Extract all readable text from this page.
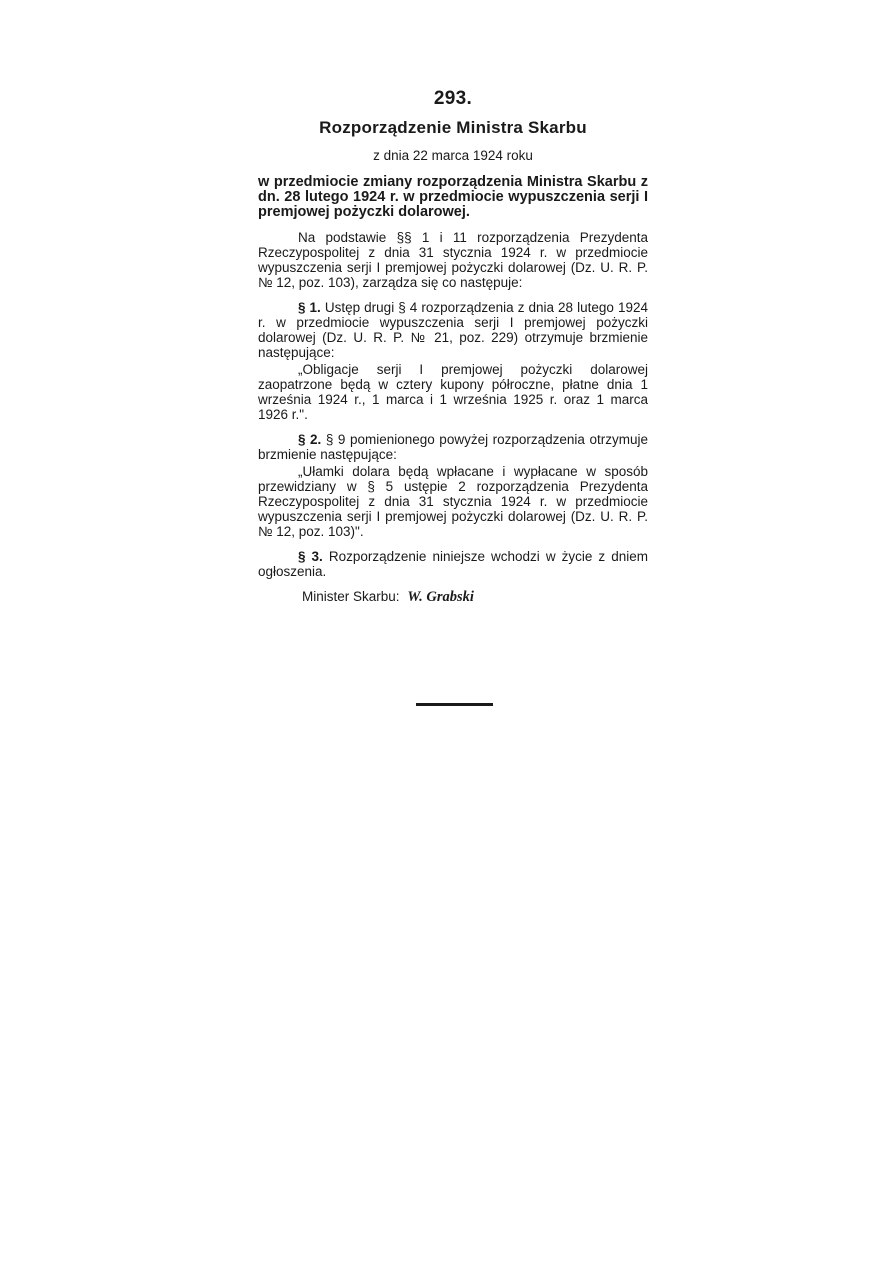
293.
Rozporządzenie Ministra Skarbu
z dnia 22 marca 1924 roku
w przedmiocie zmiany rozporządzenia Ministra Skarbu z dn. 28 lutego 1924 r. w przedmiocie wypuszczenia serji I premjowej pożyczki dolarowej.

Na podstawie §§ 1 i 11 rozporządzenia Prezydenta Rzeczypospolitej z dnia 31 stycznia 1924 r. w przedmiocie wypuszczenia serji I premjowej pożyczki dolarowej (Dz. U. R. P. № 12, poz. 103), zarządza się co następuje:

§ 1. Ustęp drugi § 4 rozporządzenia z dnia 28 lutego 1924 r. w przedmiocie wypuszczenia serji I premjowej pożyczki dolarowej (Dz. U. R. P. № 21, poz. 229) otrzymuje brzmienie następujące:

„Obligacje serji I premjowej pożyczki dolarowej zaopatrzone będą w cztery kupony półroczne, płatne dnia 1 września 1924 r., 1 marca i 1 września 1925 r. oraz 1 marca 1926 r.".

§ 2. § 9 pomienionego powyżej rozporządzenia otrzymuje brzmienie następujące:

„Ułamki dolara będą wpłacane i wypłacane w sposób przewidziany w § 5 ustępie 2 rozporządzenia Prezydenta Rzeczypospolitej z dnia 31 stycznia 1924 r. w przedmiocie wypuszczenia serji I premjowej pożyczki dolarowej (Dz. U. R. P. № 12, poz. 103)".

§ 3. Rozporządzenie niniejsze wchodzi w życie z dniem ogłoszenia.

Minister Skarbu: W. Grabski
